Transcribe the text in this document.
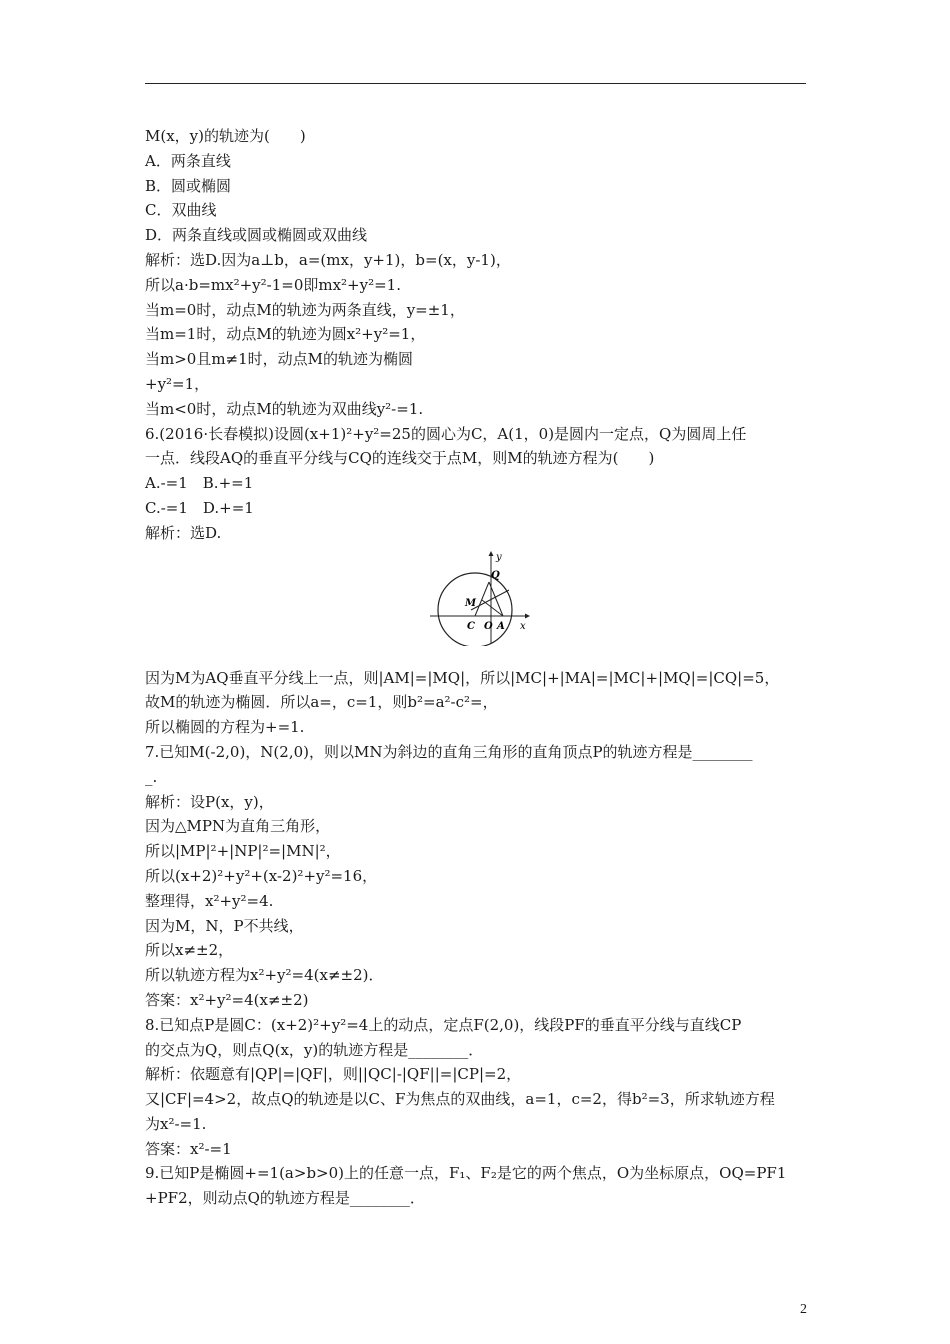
M(x，y)的轨迹为(　　)
A．两条直线
B．圆或椭圆
C．双曲线
D．两条直线或圆或椭圆或双曲线
解析：选D.因为a⊥b，a=(mx，y+1)，b=(x，y-1)，
所以a·b=mx²+y²-1=0即mx²+y²=1.
当m=0时，动点M的轨迹为两条直线，y=±1，
当m=1时，动点M的轨迹为圆x²+y²=1，
当m>0且m≠1时，动点M的轨迹为椭圆
+y²=1，
当m<0时，动点M的轨迹为双曲线y²-=1.
6.(2016·长春模拟)设圆(x+1)²+y²=25的圆心为C，A(1，0)是圆内一定点，Q为圆周上任
一点．线段AQ的垂直平分线与CQ的连线交于点M，则M的轨迹方程为(　　)
A.-=1　B.+=1
C.-=1　D.+=1
解析：选D.
y
x
Q
M
C O A
因为M为AQ垂直平分线上一点，则|AM|=|MQ|，所以|MC|+|MA|=|MC|+|MQ|=|CQ|=5，
故M的轨迹为椭圆．所以a=，c=1，则b²=a²-c²=，
所以椭圆的方程为+=1.
7.已知M(-2,0)，N(2,0)，则以MN为斜边的直角三角形的直角顶点P的轨迹方程是________
_.
解析：设P(x，y)，
因为△MPN为直角三角形，
所以|MP|²+|NP|²=|MN|²，
所以(x+2)²+y²+(x-2)²+y²=16，
整理得，x²+y²=4.
因为M，N，P不共线，
所以x≠±2，
所以轨迹方程为x²+y²=4(x≠±2)．
答案：x²+y²=4(x≠±2)
8.已知点P是圆C：(x+2)²+y²=4上的动点，定点F(2,0)，线段PF的垂直平分线与直线CP
的交点为Q，则点Q(x，y)的轨迹方程是________．
解析：依题意有|QP|=|QF|，则||QC|-|QF||=|CP|=2，
又|CF|=4>2，故点Q的轨迹是以C、F为焦点的双曲线，a=1，c=2，得b²=3，所求轨迹方程
为x²-=1.
答案：x²-=1
9.已知P是椭圆+=1(a>b>0)上的任意一点，F₁、F₂是它的两个焦点，O为坐标原点，OQ=PF1
+PF2，则动点Q的轨迹方程是________．
2
